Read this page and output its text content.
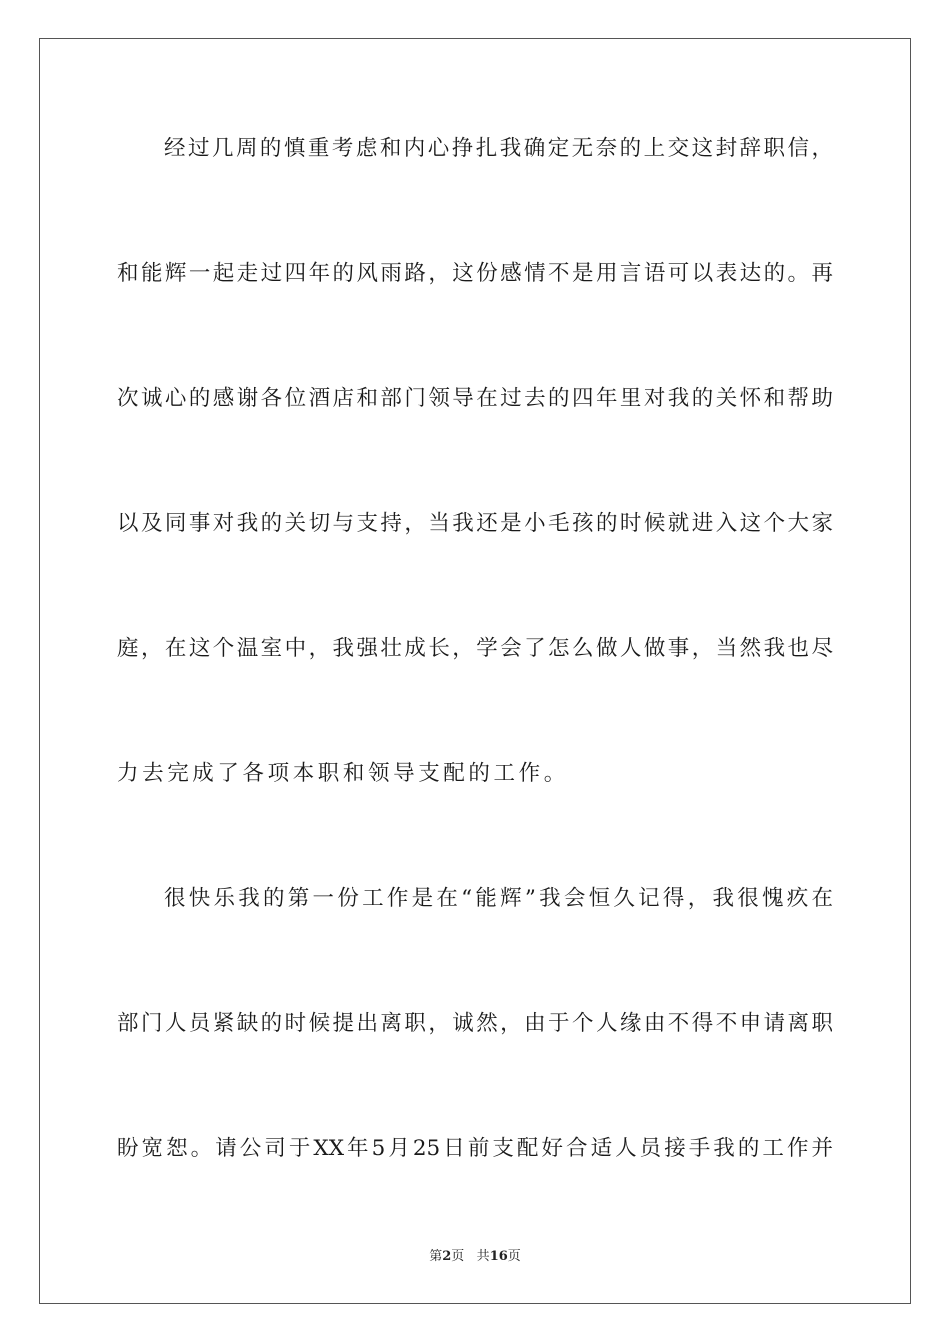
经过几周的慎重考虑和内心挣扎我确定无奈的上交这封辞职信，
和能辉一起走过四年的风雨路，这份感情不是用言语可以表达的。再
次诚心的感谢各位酒店和部门领导在过去的四年里对我的关怀和帮助
以及同事对我的关切与支持，当我还是小毛孩的时候就进入这个大家
庭，在这个温室中，我强壮成长，学会了怎么做人做事，当然我也尽
力去完成了各项本职和领导支配的工作。
很快乐我的第一份工作是在“能辉”我会恒久记得，我很愧疚在
部门人员紧缺的时候提出离职，诚然，由于个人缘由不得不申请离职
盼宽恕。请公司于XX年5月25日前支配好合适人员接手我的工作并
第2页 共16页
